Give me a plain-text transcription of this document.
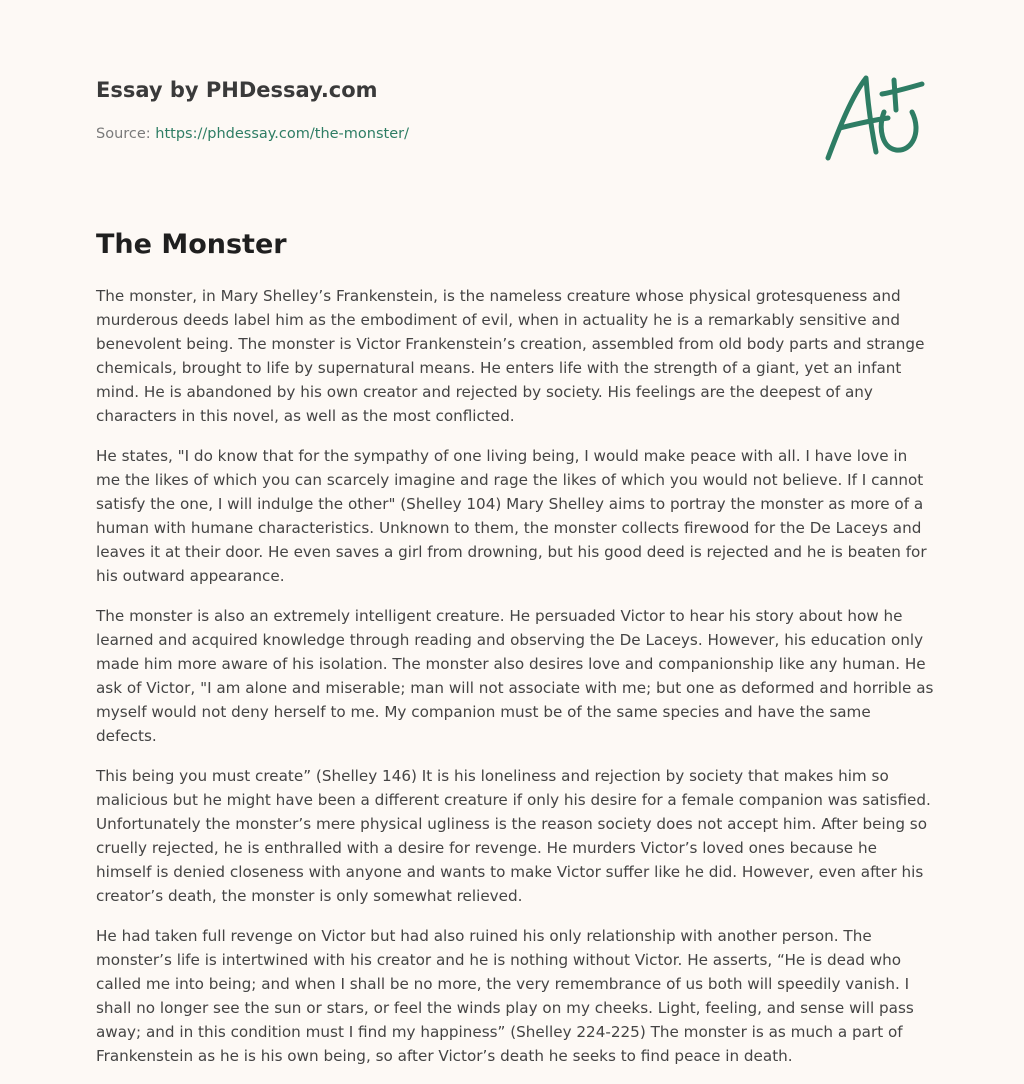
Essay by PHDessay.com
Source: https://phdessay.com/the-monster/
The Monster

The monster, in Mary Shelley’s Frankenstein, is the nameless creature whose physical grotesqueness and murderous deeds label him as the embodiment of evil, when in actuality he is a remarkably sensitive and benevolent being. The monster is Victor Frankenstein’s creation, assembled from old body parts and strange chemicals, brought to life by supernatural means. He enters life with the strength of a giant, yet an infant mind. He is abandoned by his own creator and rejected by society. His feelings are the deepest of any characters in this novel, as well as the most conflicted.

He states, "I do know that for the sympathy of one living being, I would make peace with all. I have love in me the likes of which you can scarcely imagine and rage the likes of which you would not believe. If I cannot satisfy the one, I will indulge the other" (Shelley 104) Mary Shelley aims to portray the monster as more of a human with humane characteristics. Unknown to them, the monster collects firewood for the De Laceys and leaves it at their door. He even saves a girl from drowning, but his good deed is rejected and he is beaten for his outward appearance.

The monster is also an extremely intelligent creature. He persuaded Victor to hear his story about how he learned and acquired knowledge through reading and observing the De Laceys. However, his education only made him more aware of his isolation. The monster also desires love and companionship like any human. He ask of Victor, "I am alone and miserable; man will not associate with me; but one as deformed and horrible as myself would not deny herself to me. My companion must be of the same species and have the same defects.

This being you must create” (Shelley 146) It is his loneliness and rejection by society that makes him so malicious but he might have been a different creature if only his desire for a female companion was satisfied. Unfortunately the monster’s mere physical ugliness is the reason society does not accept him. After being so cruelly rejected, he is enthralled with a desire for revenge. He murders Victor’s loved ones because he himself is denied closeness with anyone and wants to make Victor suffer like he did. However, even after his creator’s death, the monster is only somewhat relieved.

He had taken full revenge on Victor but had also ruined his only relationship with another person. The monster’s life is intertwined with his creator and he is nothing without Victor. He asserts, “He is dead who called me into being; and when I shall be no more, the very remembrance of us both will speedily vanish. I shall no longer see the sun or stars, or feel the winds play on my cheeks. Light, feeling, and sense will pass away; and in this condition must I find my happiness” (Shelley 224-225) The monster is as much a part of Frankenstein as he is his own being, so after Victor’s death he seeks to find peace in death.
